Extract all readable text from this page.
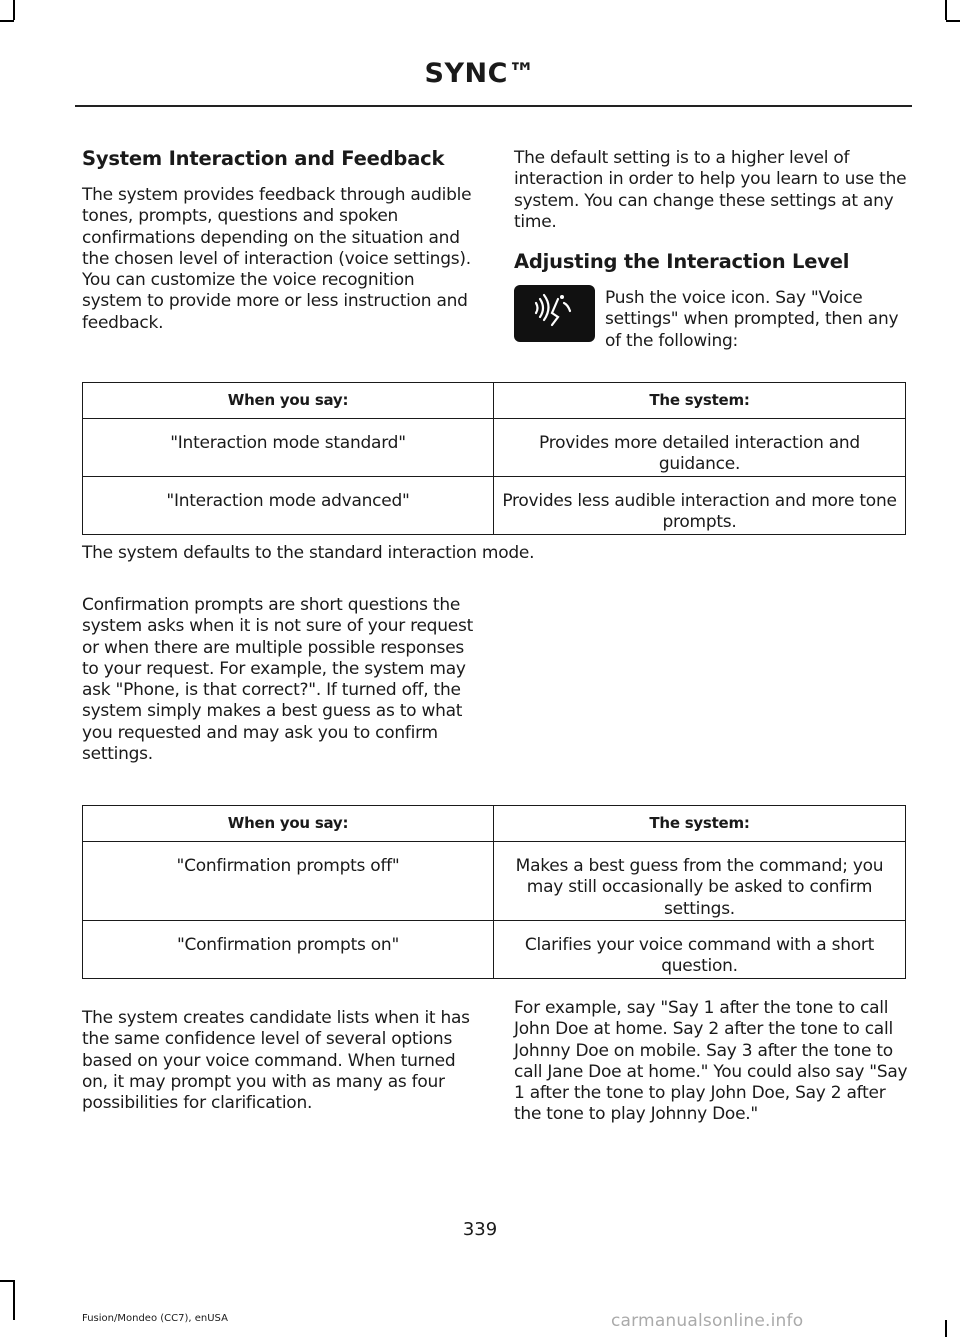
SYNC™
System Interaction and Feedback
The system provides feedback through audible tones, prompts, questions and spoken confirmations depending on the situation and the chosen level of interaction (voice settings). You can customize the voice recognition system to provide more or less instruction and feedback.
The default setting is to a higher level of interaction in order to help you learn to use the system. You can change these settings at any time.
Adjusting the Interaction Level
Push the voice icon. Say "Voice settings" when prompted, then any of the following:
When you say:	The system:
"Interaction mode standard"	Provides more detailed interaction and guidance.
"Interaction mode advanced"	Provides less audible interaction and more tone prompts.
The system defaults to the standard interaction mode.
Confirmation prompts are short questions the system asks when it is not sure of your request or when there are multiple possible responses to your request. For example, the system may ask "Phone, is that correct?". If turned off, the system simply makes a best guess as to what you requested and may ask you to confirm settings.
When you say:	The system:
"Confirmation prompts off"	Makes a best guess from the command; you may still occasionally be asked to confirm settings.
"Confirmation prompts on"	Clarifies your voice command with a short question.
The system creates candidate lists when it has the same confidence level of several options based on your voice command. When turned on, it may prompt you with as many as four possibilities for clarification.
For example, say "Say 1 after the tone to call John Doe at home. Say 2 after the tone to call Johnny Doe on mobile. Say 3 after the tone to call Jane Doe at home." You could also say "Say 1 after the tone to play John Doe, Say 2 after the tone to play Johnny Doe."
339
Fusion/Mondeo (CC7), enUSA	carmanualsonline.info
